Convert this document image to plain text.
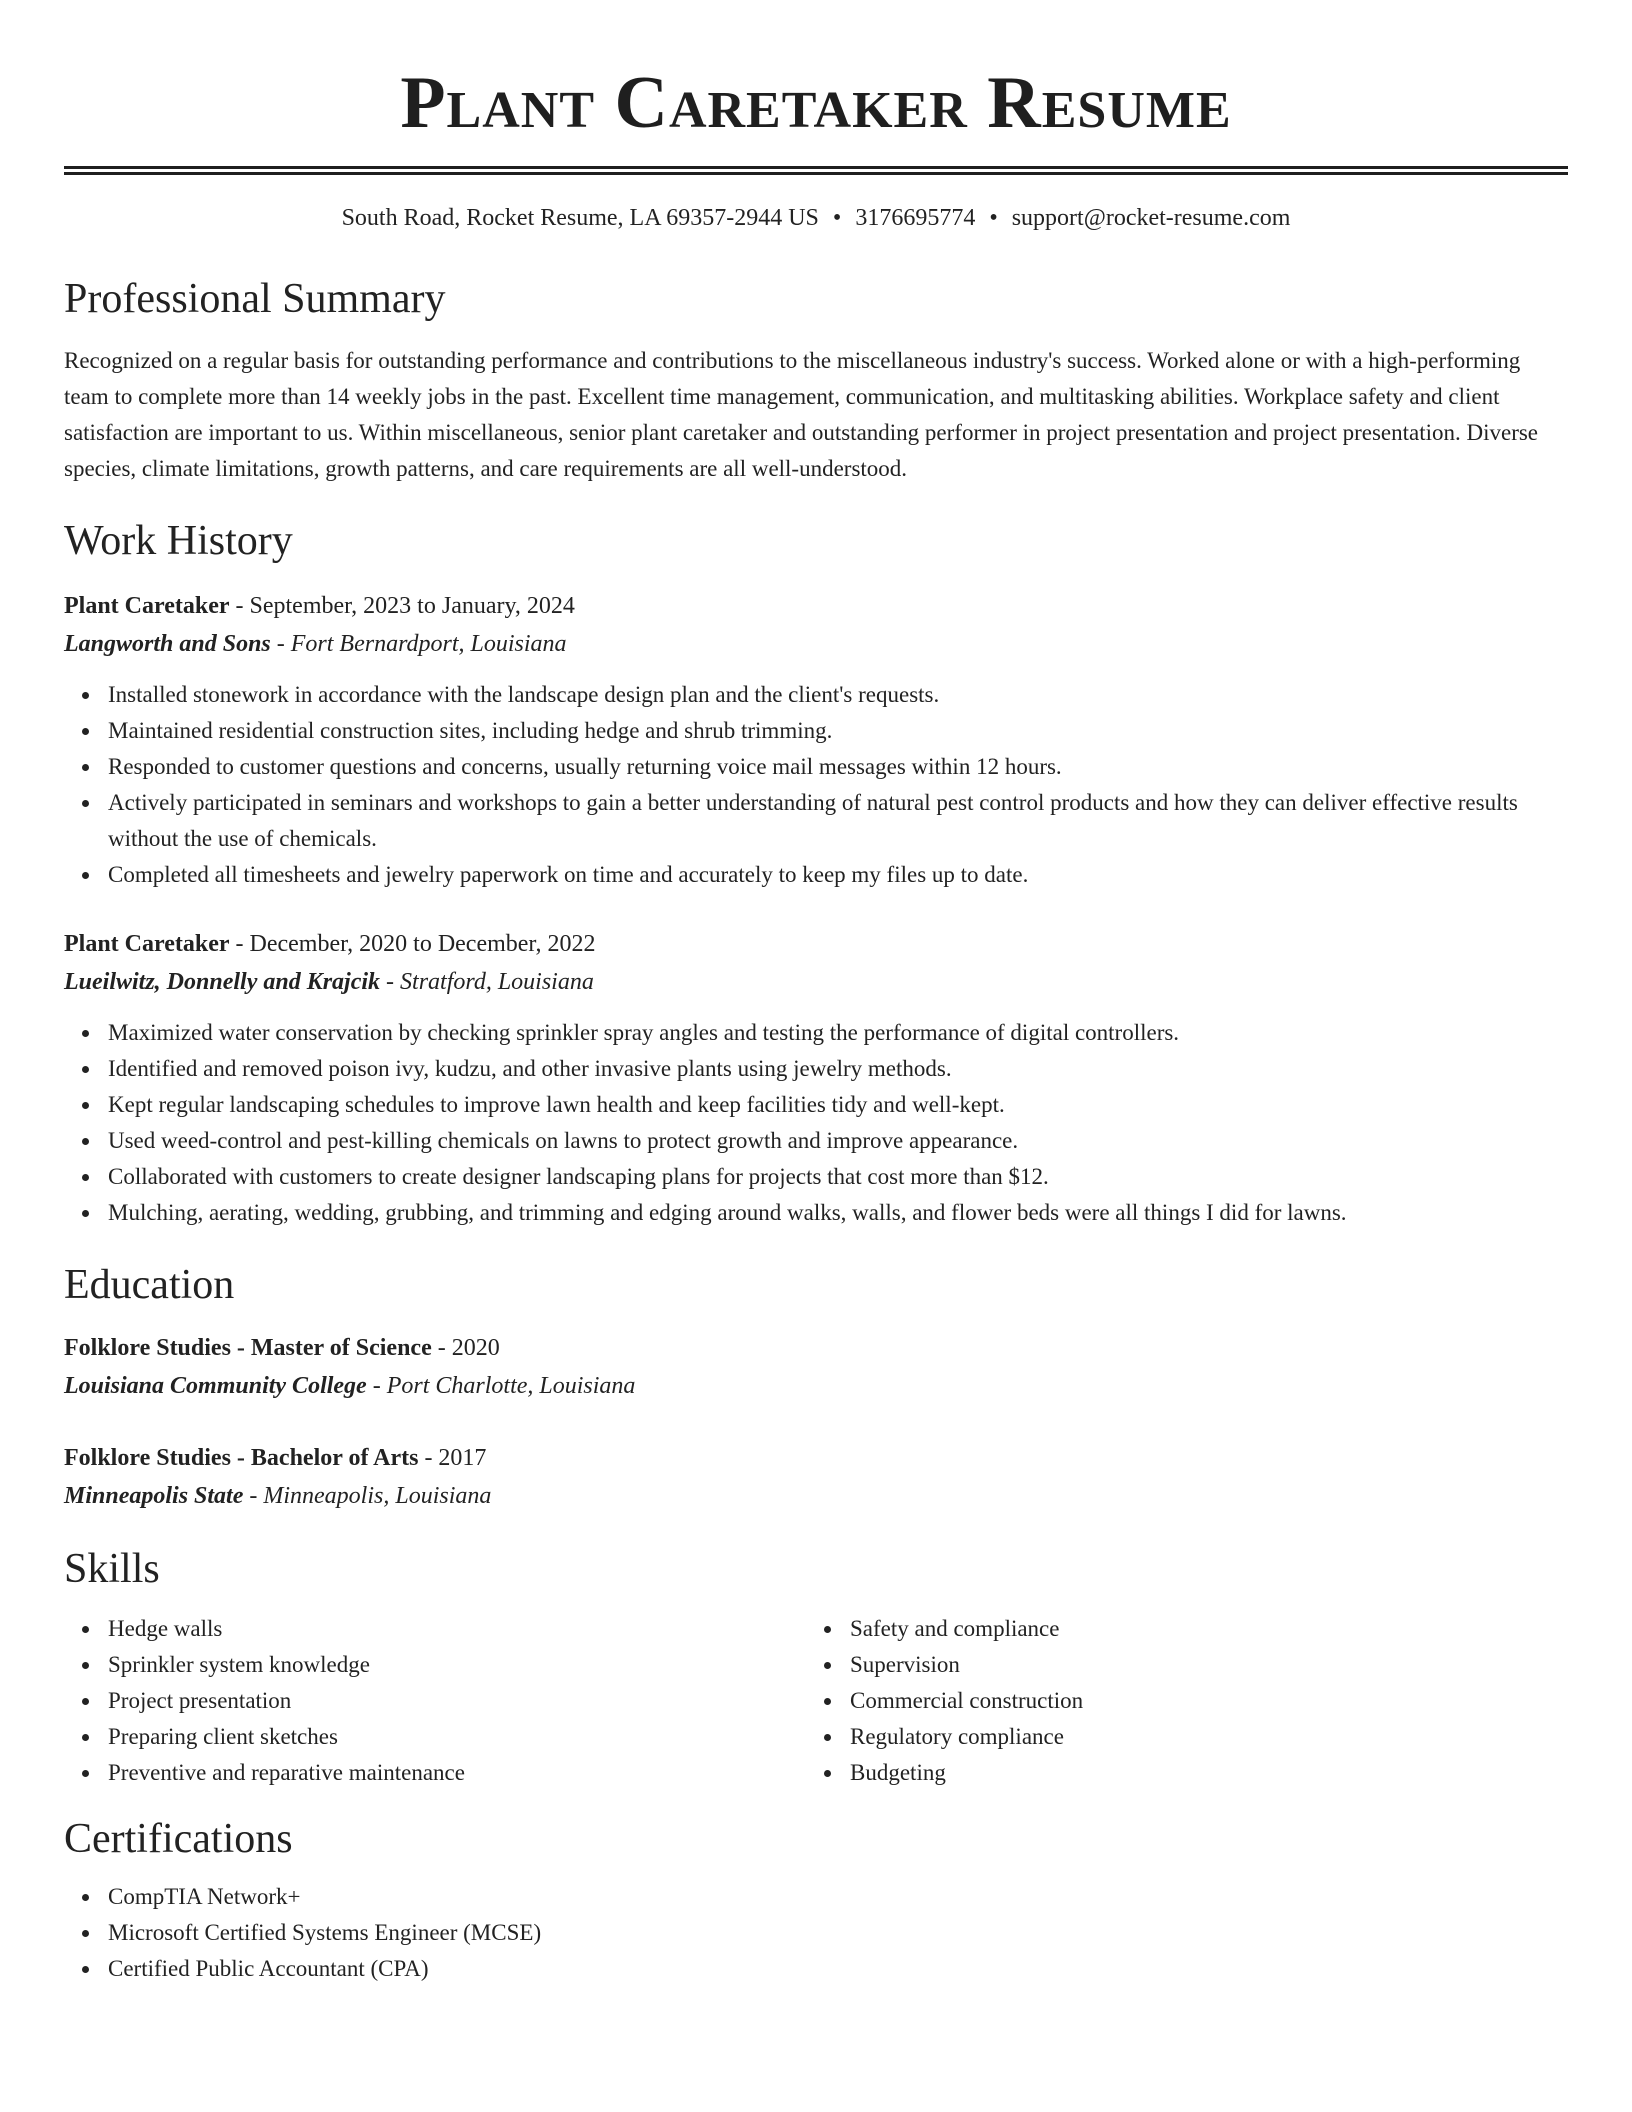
Plant Caretaker Resume
South Road, Rocket Resume, LA 69357-2944 US • 3176695774 • support@rocket-resume.com
Professional Summary

Recognized on a regular basis for outstanding performance and contributions to the miscellaneous industry's success. Worked alone or with a high-performing team to complete more than 14 weekly jobs in the past. Excellent time management, communication, and multitasking abilities. Workplace safety and client satisfaction are important to us. Within miscellaneous, senior plant caretaker and outstanding performer in project presentation and project presentation. Diverse species, climate limitations, growth patterns, and care requirements are all well-understood.

Work History
Plant Caretaker - September, 2023 to January, 2024
Langworth and Sons - Fort Bernardport, Louisiana
Installed stonework in accordance with the landscape design plan and the client's requests.
Maintained residential construction sites, including hedge and shrub trimming.
Responded to customer questions and concerns, usually returning voice mail messages within 12 hours.
Actively participated in seminars and workshops to gain a better understanding of natural pest control products and how they can deliver effective results without the use of chemicals.
Completed all timesheets and jewelry paperwork on time and accurately to keep my files up to date.
Plant Caretaker - December, 2020 to December, 2022
Lueilwitz, Donnelly and Krajcik - Stratford, Louisiana
Maximized water conservation by checking sprinkler spray angles and testing the performance of digital controllers.
Identified and removed poison ivy, kudzu, and other invasive plants using jewelry methods.
Kept regular landscaping schedules to improve lawn health and keep facilities tidy and well-kept.
Used weed-control and pest-killing chemicals on lawns to protect growth and improve appearance.
Collaborated with customers to create designer landscaping plans for projects that cost more than $12.
Mulching, aerating, wedding, grubbing, and trimming and edging around walks, walls, and flower beds were all things I did for lawns.
Education
Folklore Studies - Master of Science - 2020
Louisiana Community College - Port Charlotte, Louisiana
Folklore Studies - Bachelor of Arts - 2017
Minneapolis State - Minneapolis, Louisiana
Skills
Hedge walls
Sprinkler system knowledge
Project presentation
Preparing client sketches
Preventive and reparative maintenance
Safety and compliance
Supervision
Commercial construction
Regulatory compliance
Budgeting
Certifications
CompTIA Network+
Microsoft Certified Systems Engineer (MCSE)
Certified Public Accountant (CPA)
